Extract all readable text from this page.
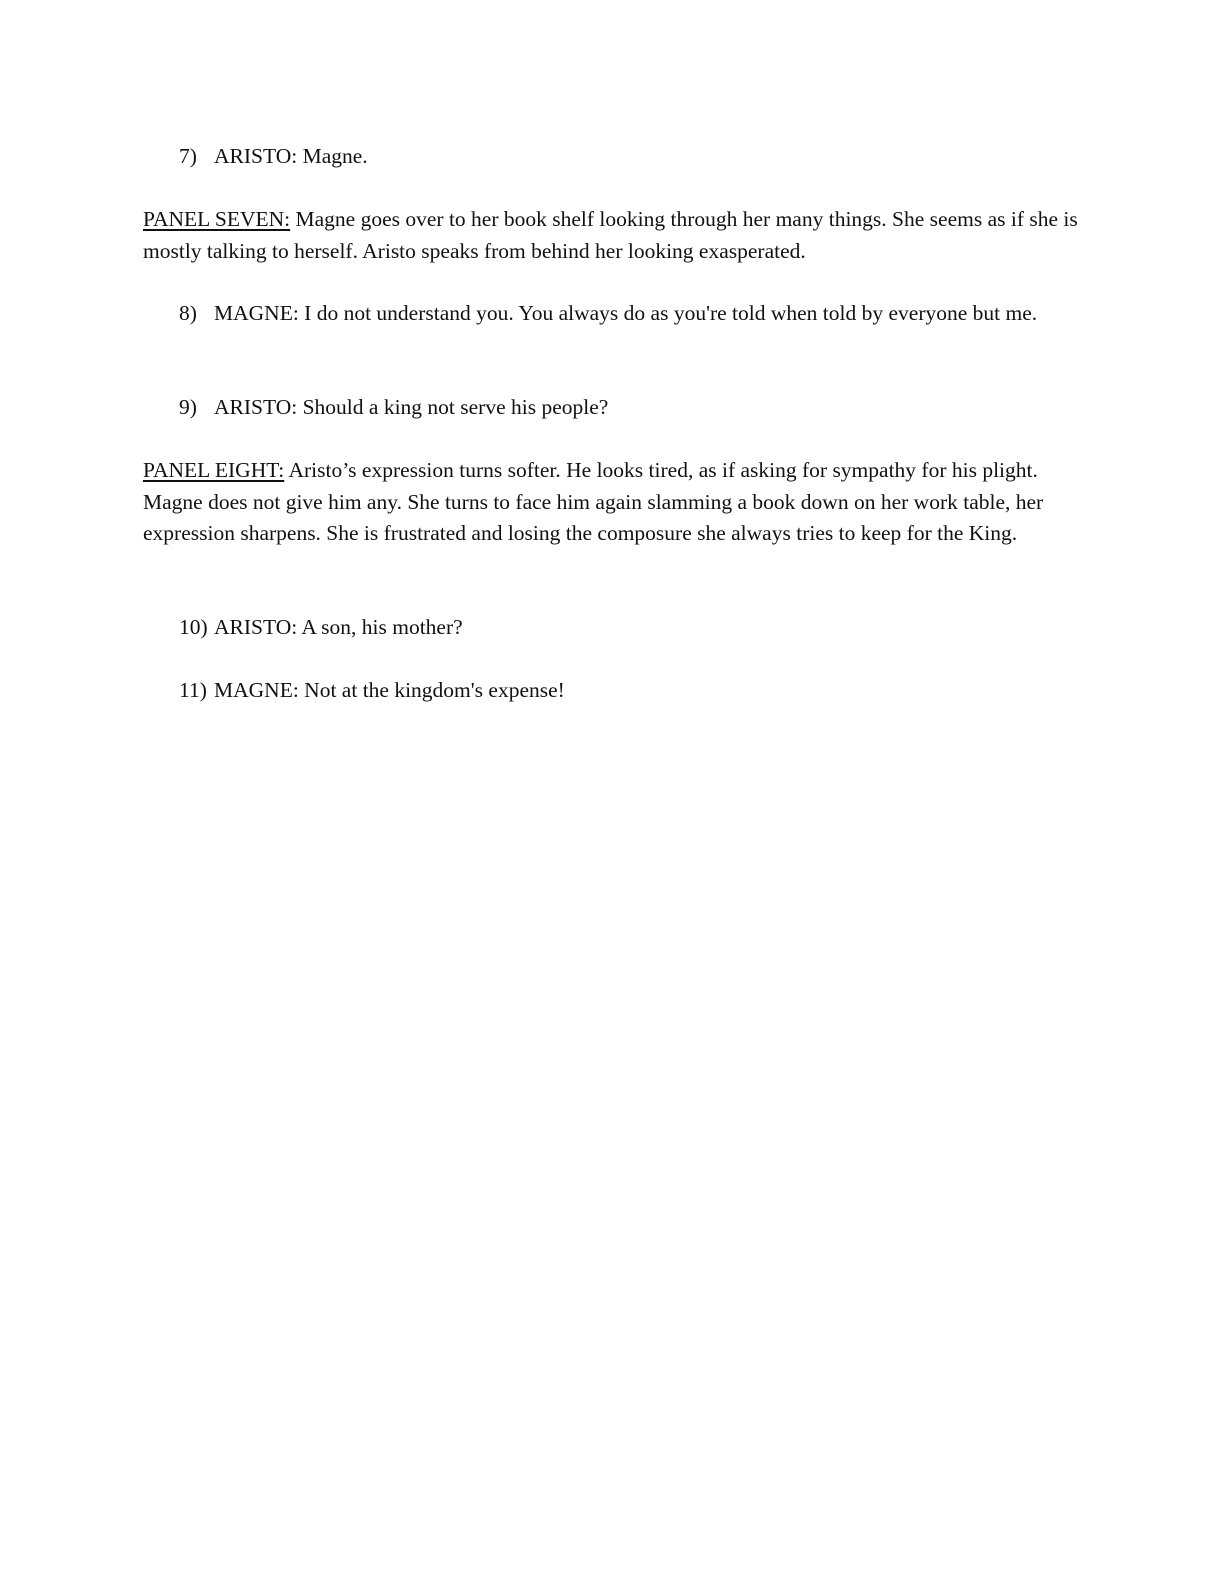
7) ARISTO: Magne.
PANEL SEVEN: Magne goes over to her book shelf looking through her many things. She seems as if she is mostly talking to herself. Aristo speaks from behind her looking exasperated.
8) MAGNE: I do not understand you. You always do as you're told when told by everyone but me.
9) ARISTO: Should a king not serve his people?
PANEL EIGHT: Aristo’s expression turns softer. He looks tired, as if asking for sympathy for his plight. Magne does not give him any. She turns to face him again slamming a book down on her work table, her expression sharpens. She is frustrated and losing the composure she always tries to keep for the King.
10) ARISTO: A son, his mother?
11) MAGNE: Not at the kingdom's expense!
